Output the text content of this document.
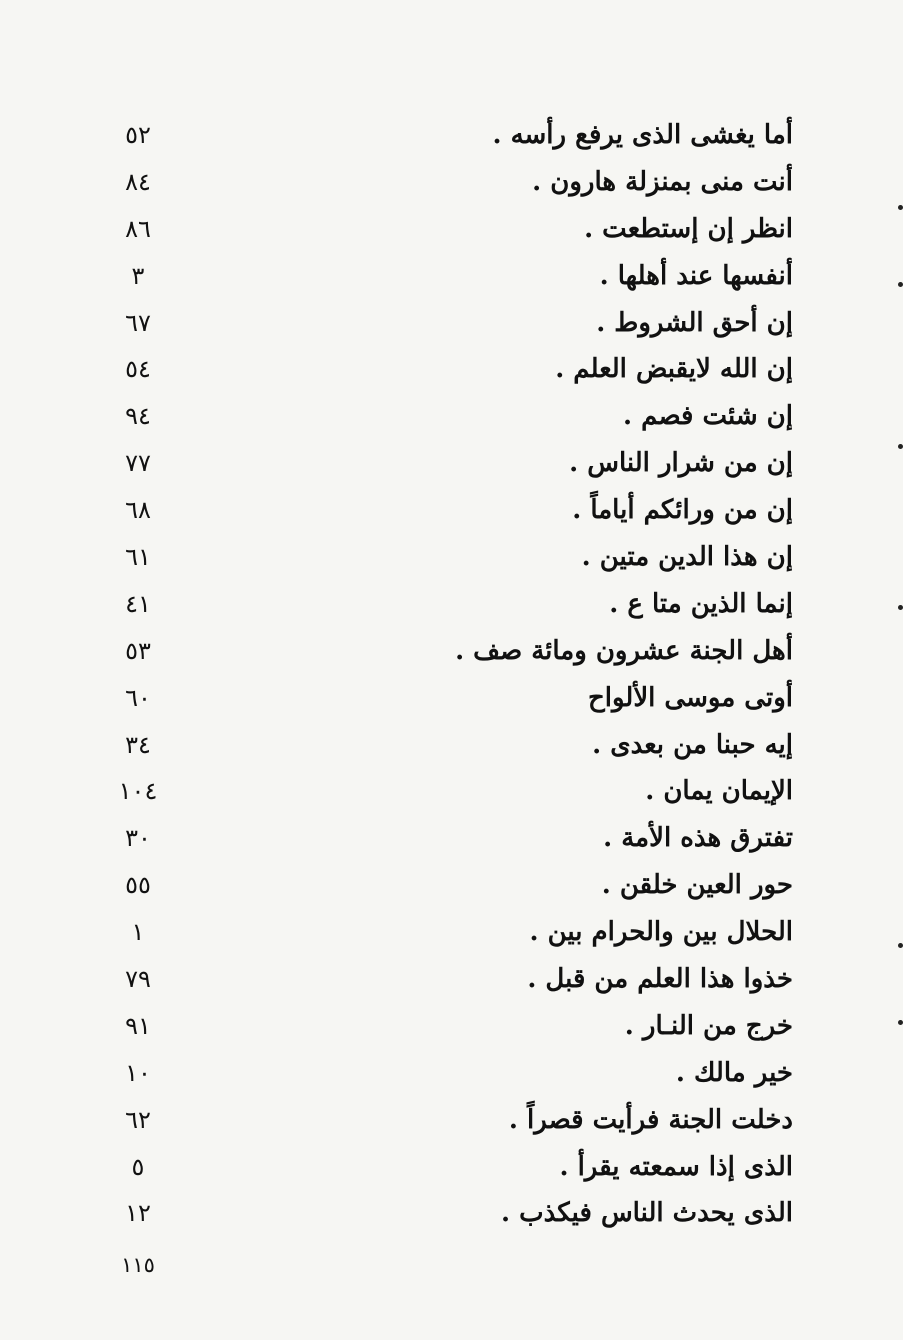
أما يغشى الذى يرفع رأسه .
٥٢
أنت منى بمنزلة هارون .
٨٤
انظر إن إستطعت .
٨٦
أنفسها عند أهلها .
٣
إن أحق الشروط .
٦٧
إن الله لايقبض العلم .
٥٤
إن شئت فصم .
٩٤
إن من شرار الناس .
٧٧
إن من ورائكم أياماً .
٦٨
إن هذا الدين متين .
٦١
إنما الذين متا ع .
٤١
أهل الجنة عشرون ومائة صف .
٥٣
أوتى موسى الألواح
٦٠
إيه حبنا من بعدى .
٣٤
الإيمان يمان .
١٠٤
تفترق هذه الأمة .
٣٠
حور العين خلقن .
٥٥
الحلال بين والحرام بين .
١
خذوا هذا العلم من قبل .
٧٩
خرج من النـار .
٩١
خير مالك .
١٠
دخلت الجنة فرأيت قصراً .
٦٢
الذى إذا سمعته يقرأ .
٥
الذى يحدث الناس فيكذب .
١٢
١١٥
